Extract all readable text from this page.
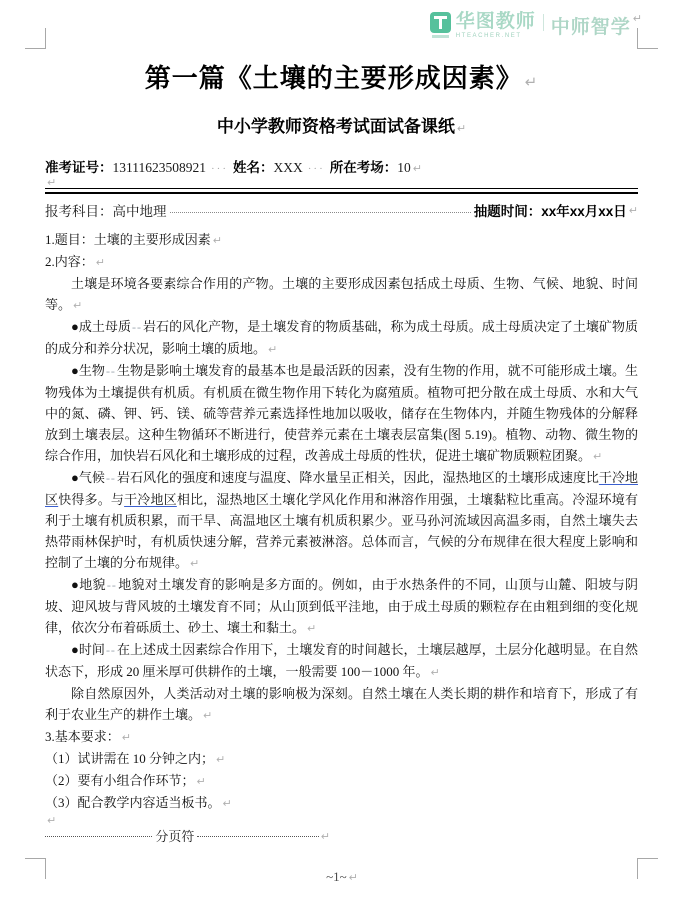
华图教师
HTEACHER.NET	中师智学 ↵
第一篇《土壤的主要形成因素》 ↵
中小学教师资格考试面试备课纸 ↵
准考证号：13111623508921 ··· 姓名：XXX ··· 所在考场：10 ↵
↵
报考科目： 高中地理	抽题时间： xx年xx月xx日 ↵

1.题目：土壤的主要形成因素 ↵

2.内容： ↵

土壤是环境各要素综合作用的产物。土壤的主要形成因素包括成土母质、生物、气候、地貌、时间等。 ↵

●成土母质--岩石的风化产物，是土壤发育的物质基础，称为成土母质。成土母质决定了土壤矿物质的成分和养分状况，影响土壤的质地。 ↵

●生物--生物是影响土壤发育的最基本也是最活跃的因素，没有生物的作用，就不可能形成土壤。生物残体为土壤提供有机质。有机质在微生物作用下转化为腐殖质。植物可把分散在成土母质、水和大气中的氮、磷、钾、钙、镁、硫等营养元素选择性地加以吸收，储存在生物体内，并随生物残体的分解释放到土壤表层。这种生物循环不断进行，使营养元素在土壤表层富集(图 5.19)。植物、动物、微生物的综合作用，加快岩石风化和土壤形成的过程，改善成土母质的性状，促进土壤矿物质颗粒团聚。 ↵

●气候--岩石风化的强度和速度与温度、降水量呈正相关，因此，湿热地区的土壤形成速度比干冷地区快得多。与干冷地区相比，湿热地区土壤化学风化作用和淋溶作用强，土壤黏粒比重高。冷湿环境有利于土壤有机质积累，而干旱、高温地区土壤有机质积累少。亚马孙河流域因高温多雨，自然土壤失去热带雨林保护时，有机质快速分解，营养元素被淋溶。总体而言，气候的分布规律在很大程度上影响和控制了土壤的分布规律。 ↵

●地貌--地貌对土壤发育的影响是多方面的。例如，由于水热条件的不同，山顶与山麓、阳坡与阴坡、迎风坡与背风坡的土壤发育不同；从山顶到低平洼地，由于成土母质的颗粒存在由粗到细的变化规律，依次分布着砾质土、砂土、壤土和黏土。 ↵

●时间--在上述成土因素综合作用下，土壤发育的时间越长，土壤层越厚，土层分化越明显。在自然状态下，形成 20 厘米厚可供耕作的土壤，一般需要 100－1000 年。 ↵

除自然原因外，人类活动对土壤的影响极为深刻。自然土壤在人类长期的耕作和培育下，形成了有利于农业生产的耕作土壤。 ↵

3.基本要求： ↵

（1）试讲需在 10 分钟之内； ↵

（2）要有小组合作环节； ↵

（3）配合教学内容适当板书。 ↵

↵
分页符	↵
~1~ ↵
